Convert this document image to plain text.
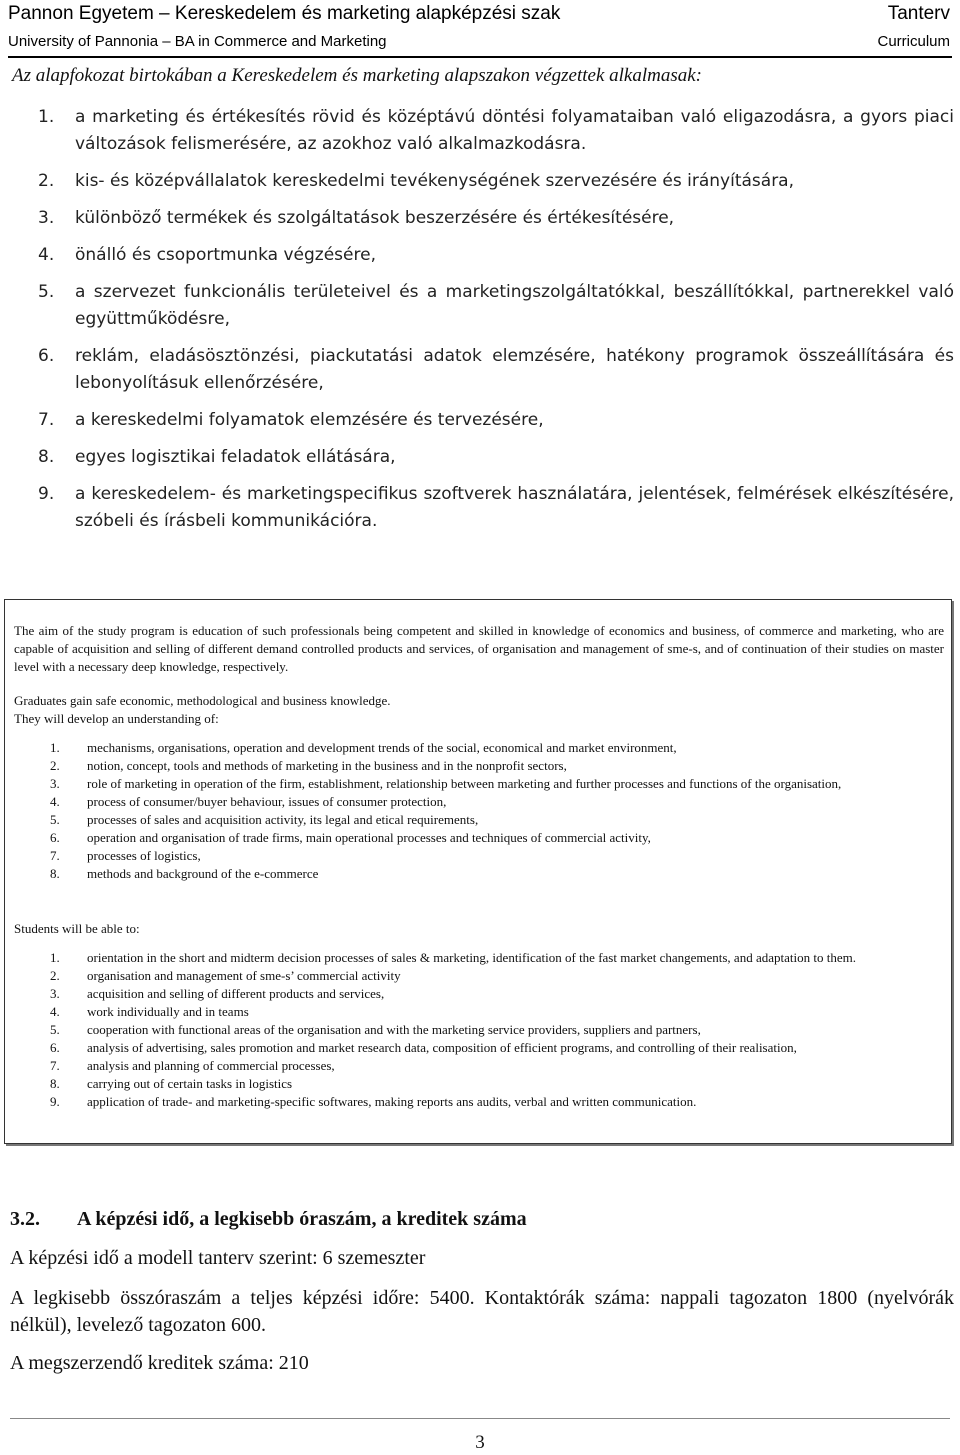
Pannon Egyetem – Kereskedelem és marketing alapképzési szak	Tanterv
University of Pannonia – BA in Commerce and Marketing	Curriculum
Az alapfokozat birtokában a Kereskedelem és marketing alapszakon végzettek alkalmasak:
1. a marketing és értékesítés rövid és középtávú döntési folyamataiban való eligazodásra, a gyors piaci változások felismerésére, az azokhoz való alkalmazkodásra.
2. kis- és középvállalatok kereskedelmi tevékenységének szervezésére és irányítására,
3. különböző termékek és szolgáltatások beszerzésére és értékesítésére,
4. önálló és csoportmunka végzésére,
5. a szervezet funkcionális területeivel és a marketingszolgáltatókkal, beszállítókkal, partnerekkel való együttműködésre,
6. reklám, eladásösztönzési, piackutatási adatok elemzésére, hatékony programok összeállítására és lebonyolításuk ellenőrzésére,
7. a kereskedelmi folyamatok elemzésére és tervezésére,
8. egyes logisztikai feladatok ellátására,
9. a kereskedelem- és marketingspecifikus szoftverek használatára, jelentések, felmérések elkészítésére, szóbeli és írásbeli kommunikációra.
The aim of the study program is education of such professionals being competent and skilled in knowledge of economics and business, of commerce and marketing, who are capable of acquisition and selling of different demand controlled products and services, of organisation and management of sme-s, and of continuation of their studies on master level with a necessary deep knowledge, respectively.
Graduates gain safe economic, methodological and business knowledge.
They will develop an understanding of:
1. mechanisms, organisations, operation and development trends of the social, economical and market environment,
2. notion, concept, tools and methods of marketing in the business and in the nonprofit sectors,
3. role of marketing in operation of the firm, establishment, relationship between marketing and further processes and functions of the organisation,
4. process of consumer/buyer behaviour, issues of consumer protection,
5. processes of sales and acquisition activity, its legal and etical requirements,
6. operation and organisation of trade firms, main operational processes and techniques of commercial activity,
7. processes of logistics,
8. methods and background of the e-commerce
Students will be able to:
1. orientation in the short and midterm decision processes of sales & marketing, identification of the fast market changements, and adaptation to them.
2. organisation and management of sme-s’ commercial activity
3. acquisition and selling of different products and services,
4. work individually and in teams
5. cooperation with functional areas of the organisation and with the marketing service providers, suppliers and partners,
6. analysis of advertising, sales promotion and market research data, composition of efficient programs, and controlling of their realisation,
7. analysis and planning of commercial processes,
8. carrying out of certain tasks in logistics
9. application of trade- and marketing-specific softwares, making reports ans audits, verbal and written communication.
3.2. A képzési idő, a legkisebb óraszám, a kreditek száma
A képzési idő a modell tanterv szerint: 6 szemeszter
A legkisebb összóraszám a teljes képzési időre: 5400. Kontaktórák száma: nappali tagozaton 1800 (nyelvórák nélkül), levelező tagozaton 600.
A megszerzendő kreditek száma: 210
3
